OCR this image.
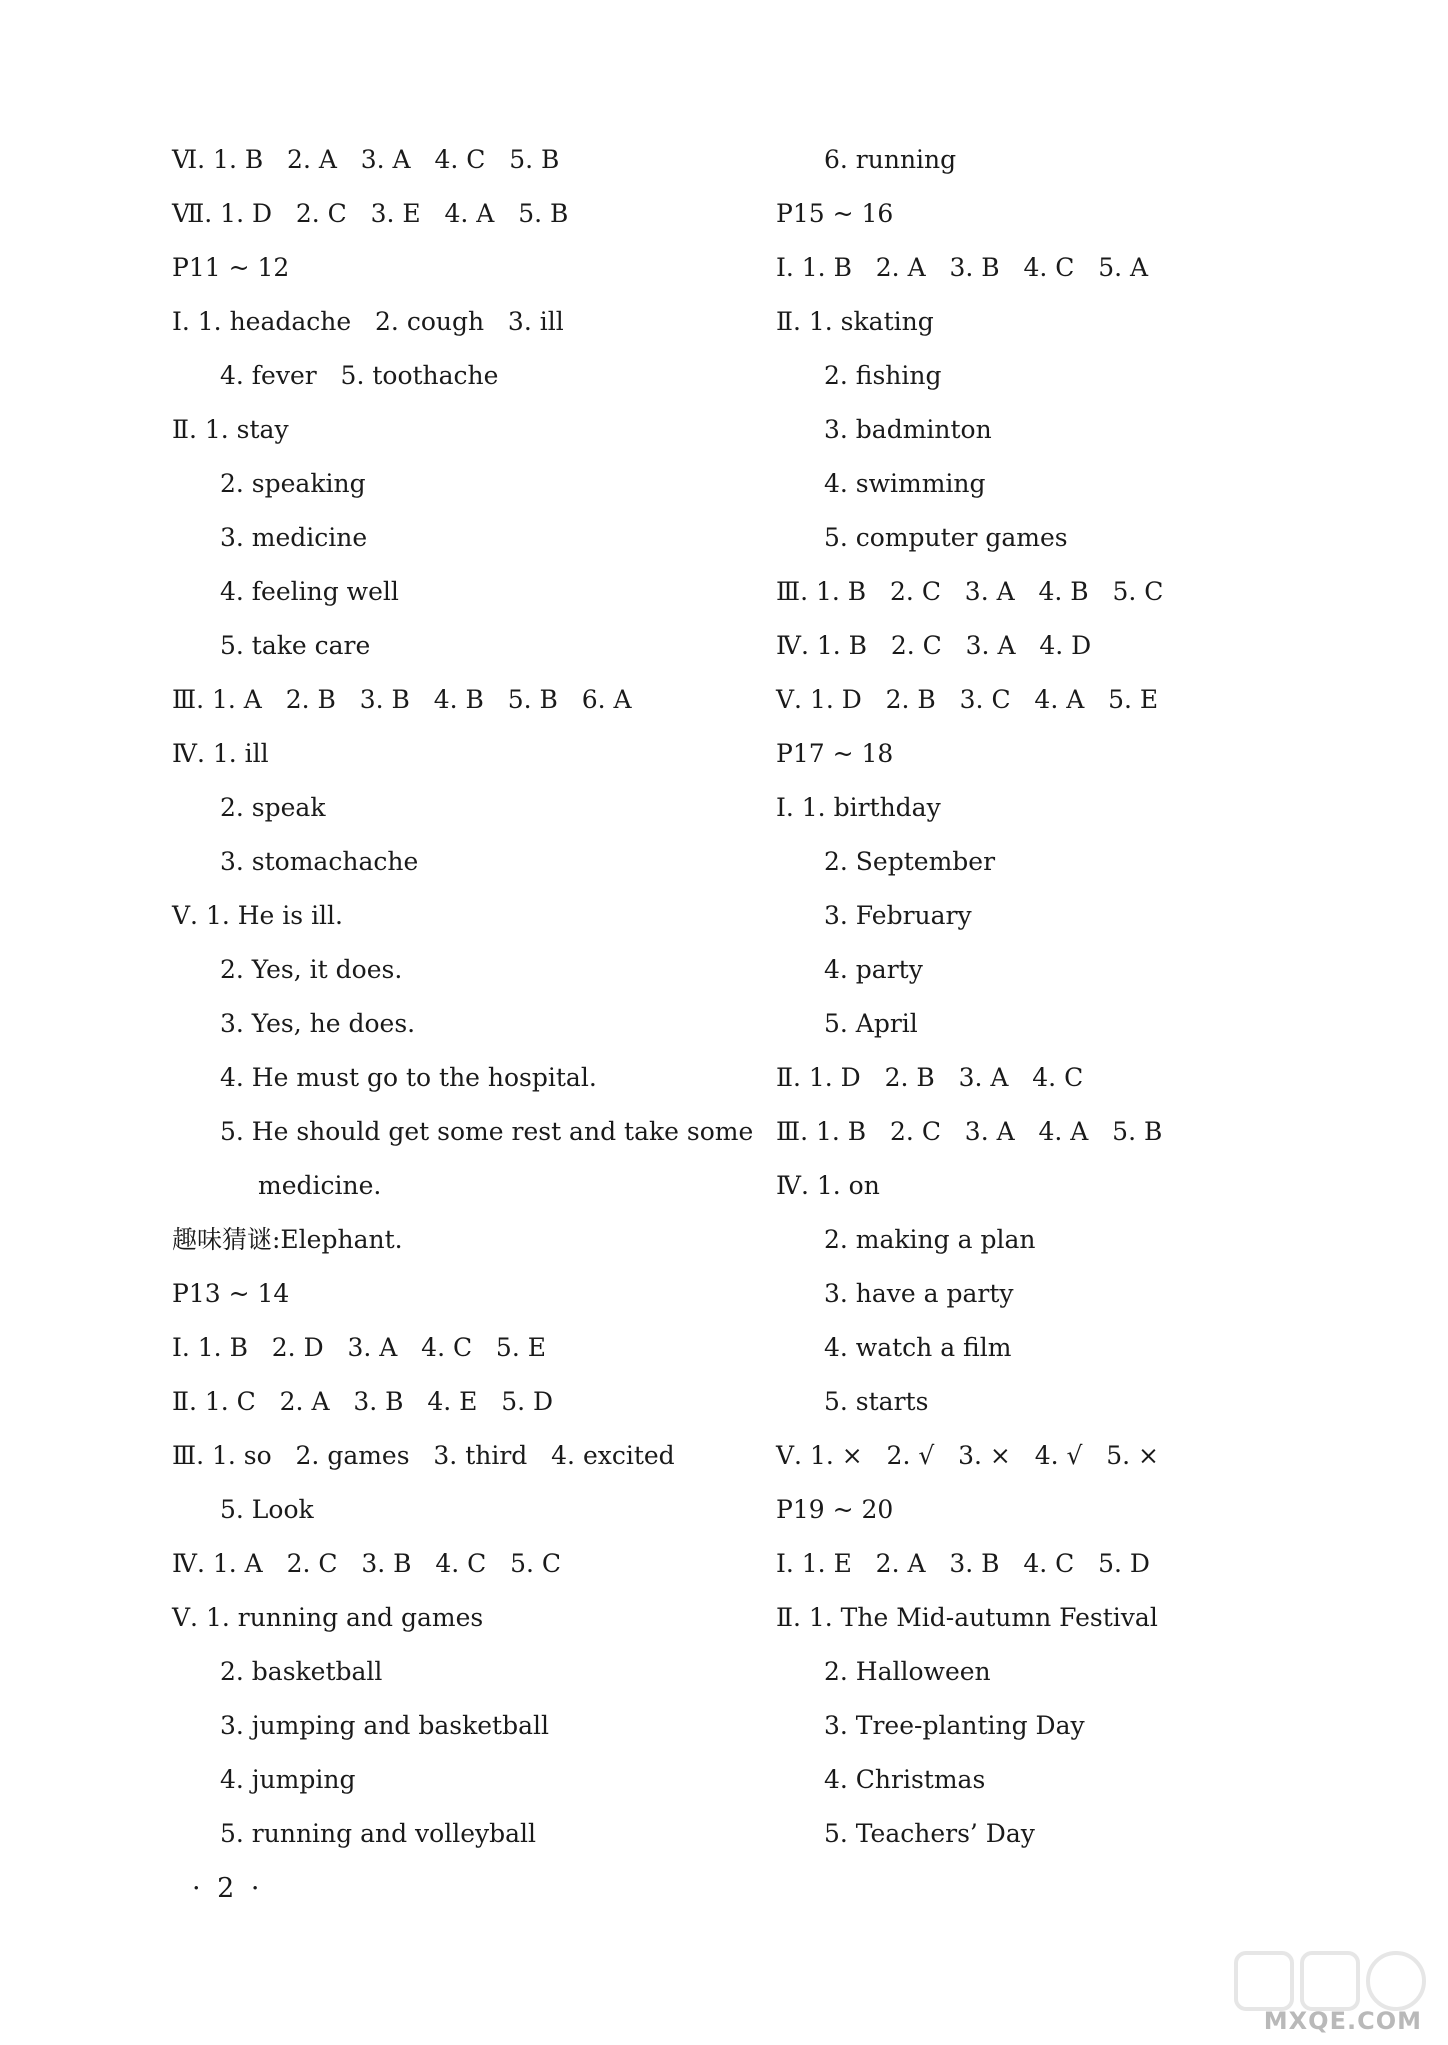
Ⅵ. 1. B   2. A   3. A   4. C   5. B
Ⅶ. 1. D   2. C   3. E   4. A   5. B
P11 ~ 12
Ⅰ. 1. headache   2. cough   3. ill
4. fever   5. toothache
Ⅱ. 1. stay
2. speaking
3. medicine
4. feeling well
5. take care
Ⅲ. 1. A   2. B   3. B   4. B   5. B   6. A
Ⅳ. 1. ill
2. speak
3. stomachache
Ⅴ. 1. He is ill.
2. Yes, it does.
3. Yes, he does.
4. He must go to the hospital.
5. He should get some rest and take some
medicine.
趣味猜谜:Elephant.
P13 ~ 14
Ⅰ. 1. B   2. D   3. A   4. C   5. E
Ⅱ. 1. C   2. A   3. B   4. E   5. D
Ⅲ. 1. so   2. games   3. third   4. excited
5. Look
Ⅳ. 1. A   2. C   3. B   4. C   5. C
Ⅴ. 1. running and games
2. basketball
3. jumping and basketball
4. jumping
5. running and volleyball
6. running
P15 ~ 16
Ⅰ. 1. B   2. A   3. B   4. C   5. A
Ⅱ. 1. skating
2. fishing
3. badminton
4. swimming
5. computer games
Ⅲ. 1. B   2. C   3. A   4. B   5. C
Ⅳ. 1. B   2. C   3. A   4. D
Ⅴ. 1. D   2. B   3. C   4. A   5. E
P17 ~ 18
Ⅰ. 1. birthday
2. September
3. February
4. party
5. April
Ⅱ. 1. D   2. B   3. A   4. C
Ⅲ. 1. B   2. C   3. A   4. A   5. B
Ⅳ. 1. on
2. making a plan
3. have a party
4. watch a film
5. starts
Ⅴ. 1. ×   2. √   3. ×   4. √   5. ×
P19 ~ 20
Ⅰ. 1. E   2. A   3. B   4. C   5. D
Ⅱ. 1. The Mid-autumn Festival
2. Halloween
3. Tree-planting Day
4. Christmas
5. Teachers’ Day
· 2 ·
MXQE.COM
